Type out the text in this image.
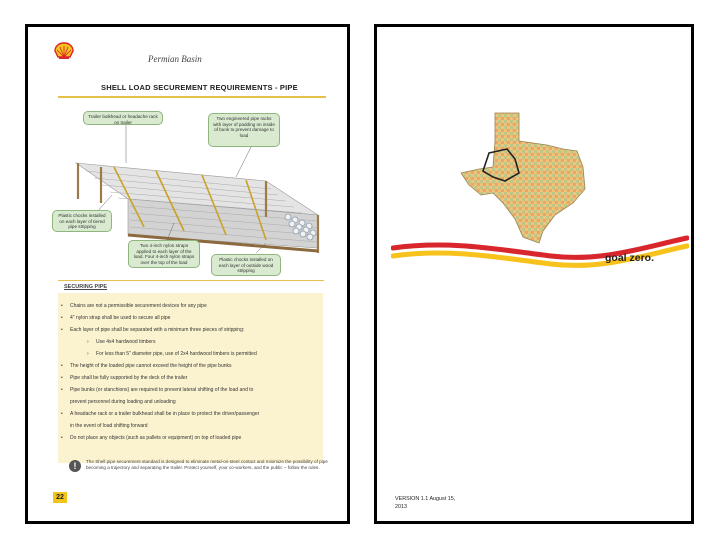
Permian Basin
SHELL LOAD SECUREMENT REQUIREMENTS - PIPE
Trailer bulkhead or headache rack on trailer
Two engineered pipe racks with layer of padding on inside of bunk to prevent damage to load
Plastic chocks installed on each layer of tiered pipe stripping
Two 4-inch nylon straps applied to each layer of the load. Four 4-inch nylon straps over the top of the load
Plastic chocks installed on each layer of outside wood stripping
SECURING PIPE
• Chains are not a permissible securement devices for any pipe
• 4" nylon strap shall be used to secure all pipe
• Each layer of pipe shall be separated with a minimum three pieces of stripping:
› Use 4x4 hardwood timbers
› For less than 5" diameter pipe, use of 2x4 hardwood timbers is permitted
• The height of the loaded pipe cannot exceed the height of the pipe bunks
• Pipe shall be fully supported by the deck of the trailer
• Pipe bunks (or stanchions) are required to prevent lateral shifting of the load and to
prevent personnel during loading and unloading
• A headache rack or a trailer bulkhead shall be in place to protect the driver/passenger
in the event of load shifting forward
• Do not place any objects (such as pallets or equipment) on top of loaded pipe
!	The Shell pipe securement standard is designed to eliminate metal-on-steel contact and minimize the possibility of pipe becoming a trajectory and separating the trailer. Protect yourself, your co-workers, and the public – follow the rules.
22
goal zero.
VERSION 1.1 August 15,
2013
